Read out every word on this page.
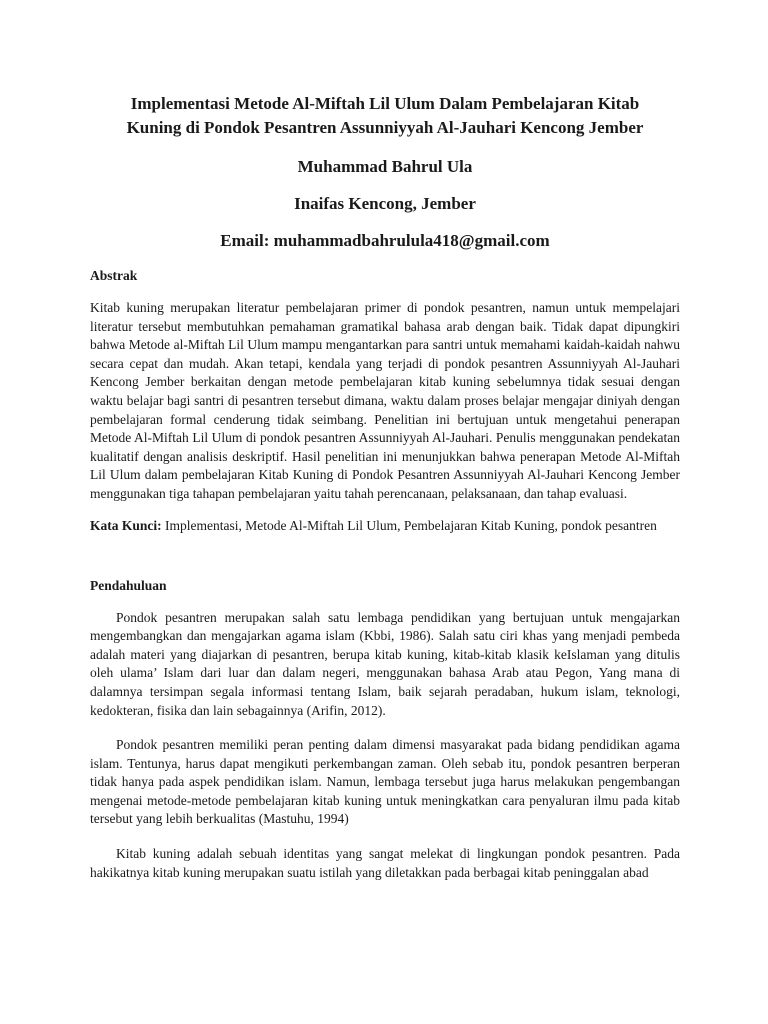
Implementasi Metode Al-Miftah Lil Ulum Dalam Pembelajaran Kitab
Kuning di Pondok Pesantren Assunniyyah Al-Jauhari Kencong Jember
Muhammad Bahrul Ula
Inaifas Kencong, Jember
Email: muhammadbahrulula418@gmail.com
Abstrak

Kitab kuning merupakan literatur pembelajaran primer di pondok pesantren, namun untuk mempelajari literatur tersebut membutuhkan pemahaman gramatikal bahasa arab dengan baik. Tidak dapat dipungkiri bahwa Metode al-Miftah Lil Ulum mampu mengantarkan para santri untuk memahami kaidah-kaidah nahwu secara cepat dan mudah. Akan tetapi, kendala yang terjadi di pondok pesantren Assunniyyah Al-Jauhari Kencong Jember berkaitan dengan metode pembelajaran kitab kuning sebelumnya tidak sesuai dengan waktu belajar bagi santri di pesantren tersebut dimana, waktu dalam proses belajar mengajar diniyah dengan pembelajaran formal cenderung tidak seimbang. Penelitian ini bertujuan untuk mengetahui penerapan Metode Al-Miftah Lil Ulum di pondok pesantren Assunniyyah Al-Jauhari. Penulis menggunakan pendekatan kualitatif dengan analisis deskriptif. Hasil penelitian ini menunjukkan bahwa penerapan Metode Al-Miftah Lil Ulum dalam pembelajaran Kitab Kuning di Pondok Pesantren Assunniyyah Al-Jauhari Kencong Jember menggunakan tiga tahapan pembelajaran yaitu tahah perencanaan, pelaksanaan, dan tahap evaluasi.

Kata Kunci: Implementasi, Metode Al-Miftah Lil Ulum, Pembelajaran Kitab Kuning, pondok pesantren
Pendahuluan

Pondok pesantren merupakan salah satu lembaga pendidikan yang bertujuan untuk mengajarkan mengembangkan dan mengajarkan agama islam (Kbbi, 1986). Salah satu ciri khas yang menjadi pembeda adalah materi yang diajarkan di pesantren, berupa kitab kuning, kitab-kitab klasik keIslaman yang ditulis oleh ulama’ Islam dari luar dan dalam negeri, menggunakan bahasa Arab atau Pegon, Yang mana di dalamnya tersimpan segala informasi tentang Islam, baik sejarah peradaban, hukum islam, teknologi, kedokteran, fisika dan lain sebagainnya (Arifin, 2012).

Pondok pesantren memiliki peran penting dalam dimensi masyarakat pada bidang pendidikan agama islam. Tentunya, harus dapat mengikuti perkembangan zaman. Oleh sebab itu, pondok pesantren berperan tidak hanya pada aspek pendidikan islam. Namun, lembaga tersebut juga harus melakukan pengembangan mengenai metode-metode pembelajaran kitab kuning untuk meningkatkan cara penyaluran ilmu pada kitab tersebut yang lebih berkualitas (Mastuhu, 1994)

Kitab kuning adalah sebuah identitas yang sangat melekat di lingkungan pondok pesantren. Pada hakikatnya kitab kuning merupakan suatu istilah yang diletakkan pada berbagai kitab peninggalan abad
